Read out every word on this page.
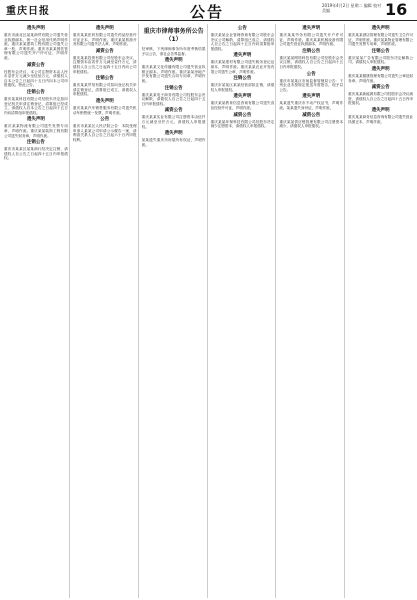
重庆日报	公告	2019年4月2日 星期二 编辑 校对 美编	16
遗失声明
重庆市渝北区某某商贸有限公司遗失营业执照副本，统一社会信用代码声明作废。重庆某某建筑工程有限公司遗失公章一枚，声明作废。重庆市某某餐饮管理有限公司遗失开户许可证，声明作废。
减资公告
经股东会决议，本公司注册资本由人民币壹仟万元减少至伍佰万元，请债权人自本公告之日起四十五日内向本公司申报债权。特此公告。
注销公告
重庆某某科技有限公司经股东决定拟向登记机关申请注销登记，清算组已经成立，请债权人自本公告之日起四十五日内向清算组申报债权。
遗失声明
重庆某某物流有限公司遗失发票专用章，声明作废。重庆某某装饰工程有限公司遗失财务章，声明作废。
注销公告
重庆市某某区某某商行经决定注销，请债权人自公告之日起四十五日内申报债权。
遗失声明
重庆某某医药有限公司遗失药品经营许可证正本，声明作废。重庆某某旅游开发有限公司遗失法人章，声明作废。
减资公告
重庆某某投资有限公司经股东会决议，注册资本由贰仟万元减至壹仟万元，请债权人自公告之日起四十五日内向公司申报债权。
注销公告
重庆某某贸易有限公司拟向登记机关申请注销登记，清算组已成立，请债权人申报债权。
遗失声明
重庆某某汽车销售服务有限公司遗失机动车销售统一发票，声明作废。
公告
重庆市某某区人民法院公告：本院受理申请人某某公司申请公示催告一案，请利害关系人自公告之日起六十日内申报权利。
重庆市律师事务所公告（1）
经审核，下列律师事务所年度考核结果予以公告，请社会各界监督。
遗失声明
重庆某某文化传播有限公司遗失营业执照正副本，声明作废。重庆某某房地产开发有限公司遗失合同专用章，声明作废。
注销公告
重庆某某电子商务有限公司经股东会决议解散，请债权人自公告之日起四十五日内申报债权。
减资公告
重庆某某实业有限公司注册资本由伍仟万元减至叁仟万元，请债权人申报债权。
遗失声明
某某遗失重庆市房屋所有权证，声明作废。
公告
重庆某某企业管理咨询有限公司股东会决议公司解散，清算组已成立，请债权人自公告之日起四十五日内向清算组申报债权。
遗失声明
重庆某某建材有限公司遗失税务登记证副本，声明作废。重庆某某农业开发有限公司遗失公章，声明作废。
注销公告
重庆市某某区某某经营部拟注销，请债权人申报债权。
遗失声明
重庆某某教育信息咨询有限公司遗失食品经营许可证，声明作废。
减资公告
重庆某某环保科技有限公司经股东决定减少注册资本，请债权人申报债权。
遗失声明
重庆某某劳务有限公司遗失开户许可证，声明作废。重庆某某机械设备有限公司遗失营业执照副本，声明作废。
注销公告
重庆某某网络科技有限公司经股东会决议注销，请债权人自公告之日起四十五日内申报债权。
公告
重庆市某某区市场监督管理局公告：下列企业未按规定报送年度报告，现予以公告。
遗失声明
某某遗失重庆市不动产权证书，声明作废。某某遗失身份证，声明作废。
减资公告
重庆某某供应链管理有限公司注册资本减少，请债权人申报债权。
遗失声明
重庆某某酒店管理有限公司遗失卫生许可证，声明作废。重庆某某物业管理有限公司遗失发票专用章，声明作废。
注销公告
重庆某某广告有限公司股东决定解散公司，请债权人申报债权。
遗失声明
重庆某某健康管理有限公司遗失公章及财务章，声明作废。
减资公告
重庆某某新能源有限公司经股东会决议减资，请债权人自公告之日起四十五日内申报债权。
遗失声明
重庆某某商务信息咨询有限公司遗失营业执照正本，声明作废。
